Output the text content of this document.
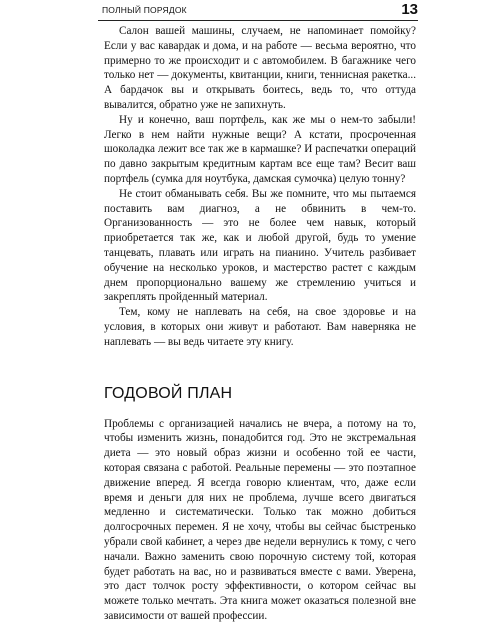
ПОЛНЫЙ ПОРЯДОК	13

Салон вашей машины, случаем, не напоминает помойку? Если у вас кавардак и дома, и на работе — весьма вероятно, что примерно то же происходит и с автомобилем. В багажнике чего только нет — документы, квитанции, книги, теннисная ракетка... А бардачок вы и открывать боитесь, ведь то, что оттуда вывалится, обратно уже не запихнуть.

Ну и конечно, ваш портфель, как же мы о нем-то забыли! Легко в нем найти нужные вещи? А кстати, просроченная шоколадка лежит все так же в кармашке? И распечатки операций по давно закрытым кредитным картам все еще там? Весит ваш портфель (сумка для ноутбука, дамская сумочка) целую тонну?

Не стоит обманывать себя. Вы же помните, что мы пытаемся поставить вам диагноз, а не обвинить в чем-то. Организованность — это не более чем навык, который приобретается так же, как и любой другой, будь то умение танцевать, плавать или играть на пианино. Учитель разбивает обучение на несколько уроков, и мастерство растет с каждым днем пропорционально вашему же стремлению учиться и закреплять пройденный материал.

Тем, кому не наплевать на себя, на свое здоровье и на условия, в которых они живут и работают. Вам наверняка не наплевать — вы ведь читаете эту книгу.

ГОДОВОЙ ПЛАН

Проблемы с организацией начались не вчера, а потому на то, чтобы изменить жизнь, понадобится год. Это не экстремальная диета — это новый образ жизни и особенно той ее части, которая связана с работой. Реальные перемены — это поэтапное движение вперед. Я всегда говорю клиентам, что, даже если время и деньги для них не проблема, лучше всего двигаться медленно и систематически. Только так можно добиться долгосрочных перемен. Я не хочу, чтобы вы сейчас быстренько убрали свой кабинет, а через две недели вернулись к тому, с чего начали. Важно заменить свою порочную систему той, которая будет работать на вас, но и развиваться вместе с вами. Уверена, это даст толчок росту эффективности, о котором сейчас вы можете только мечтать. Эта книга может оказаться полезной вне зависимости от вашей профессии.
